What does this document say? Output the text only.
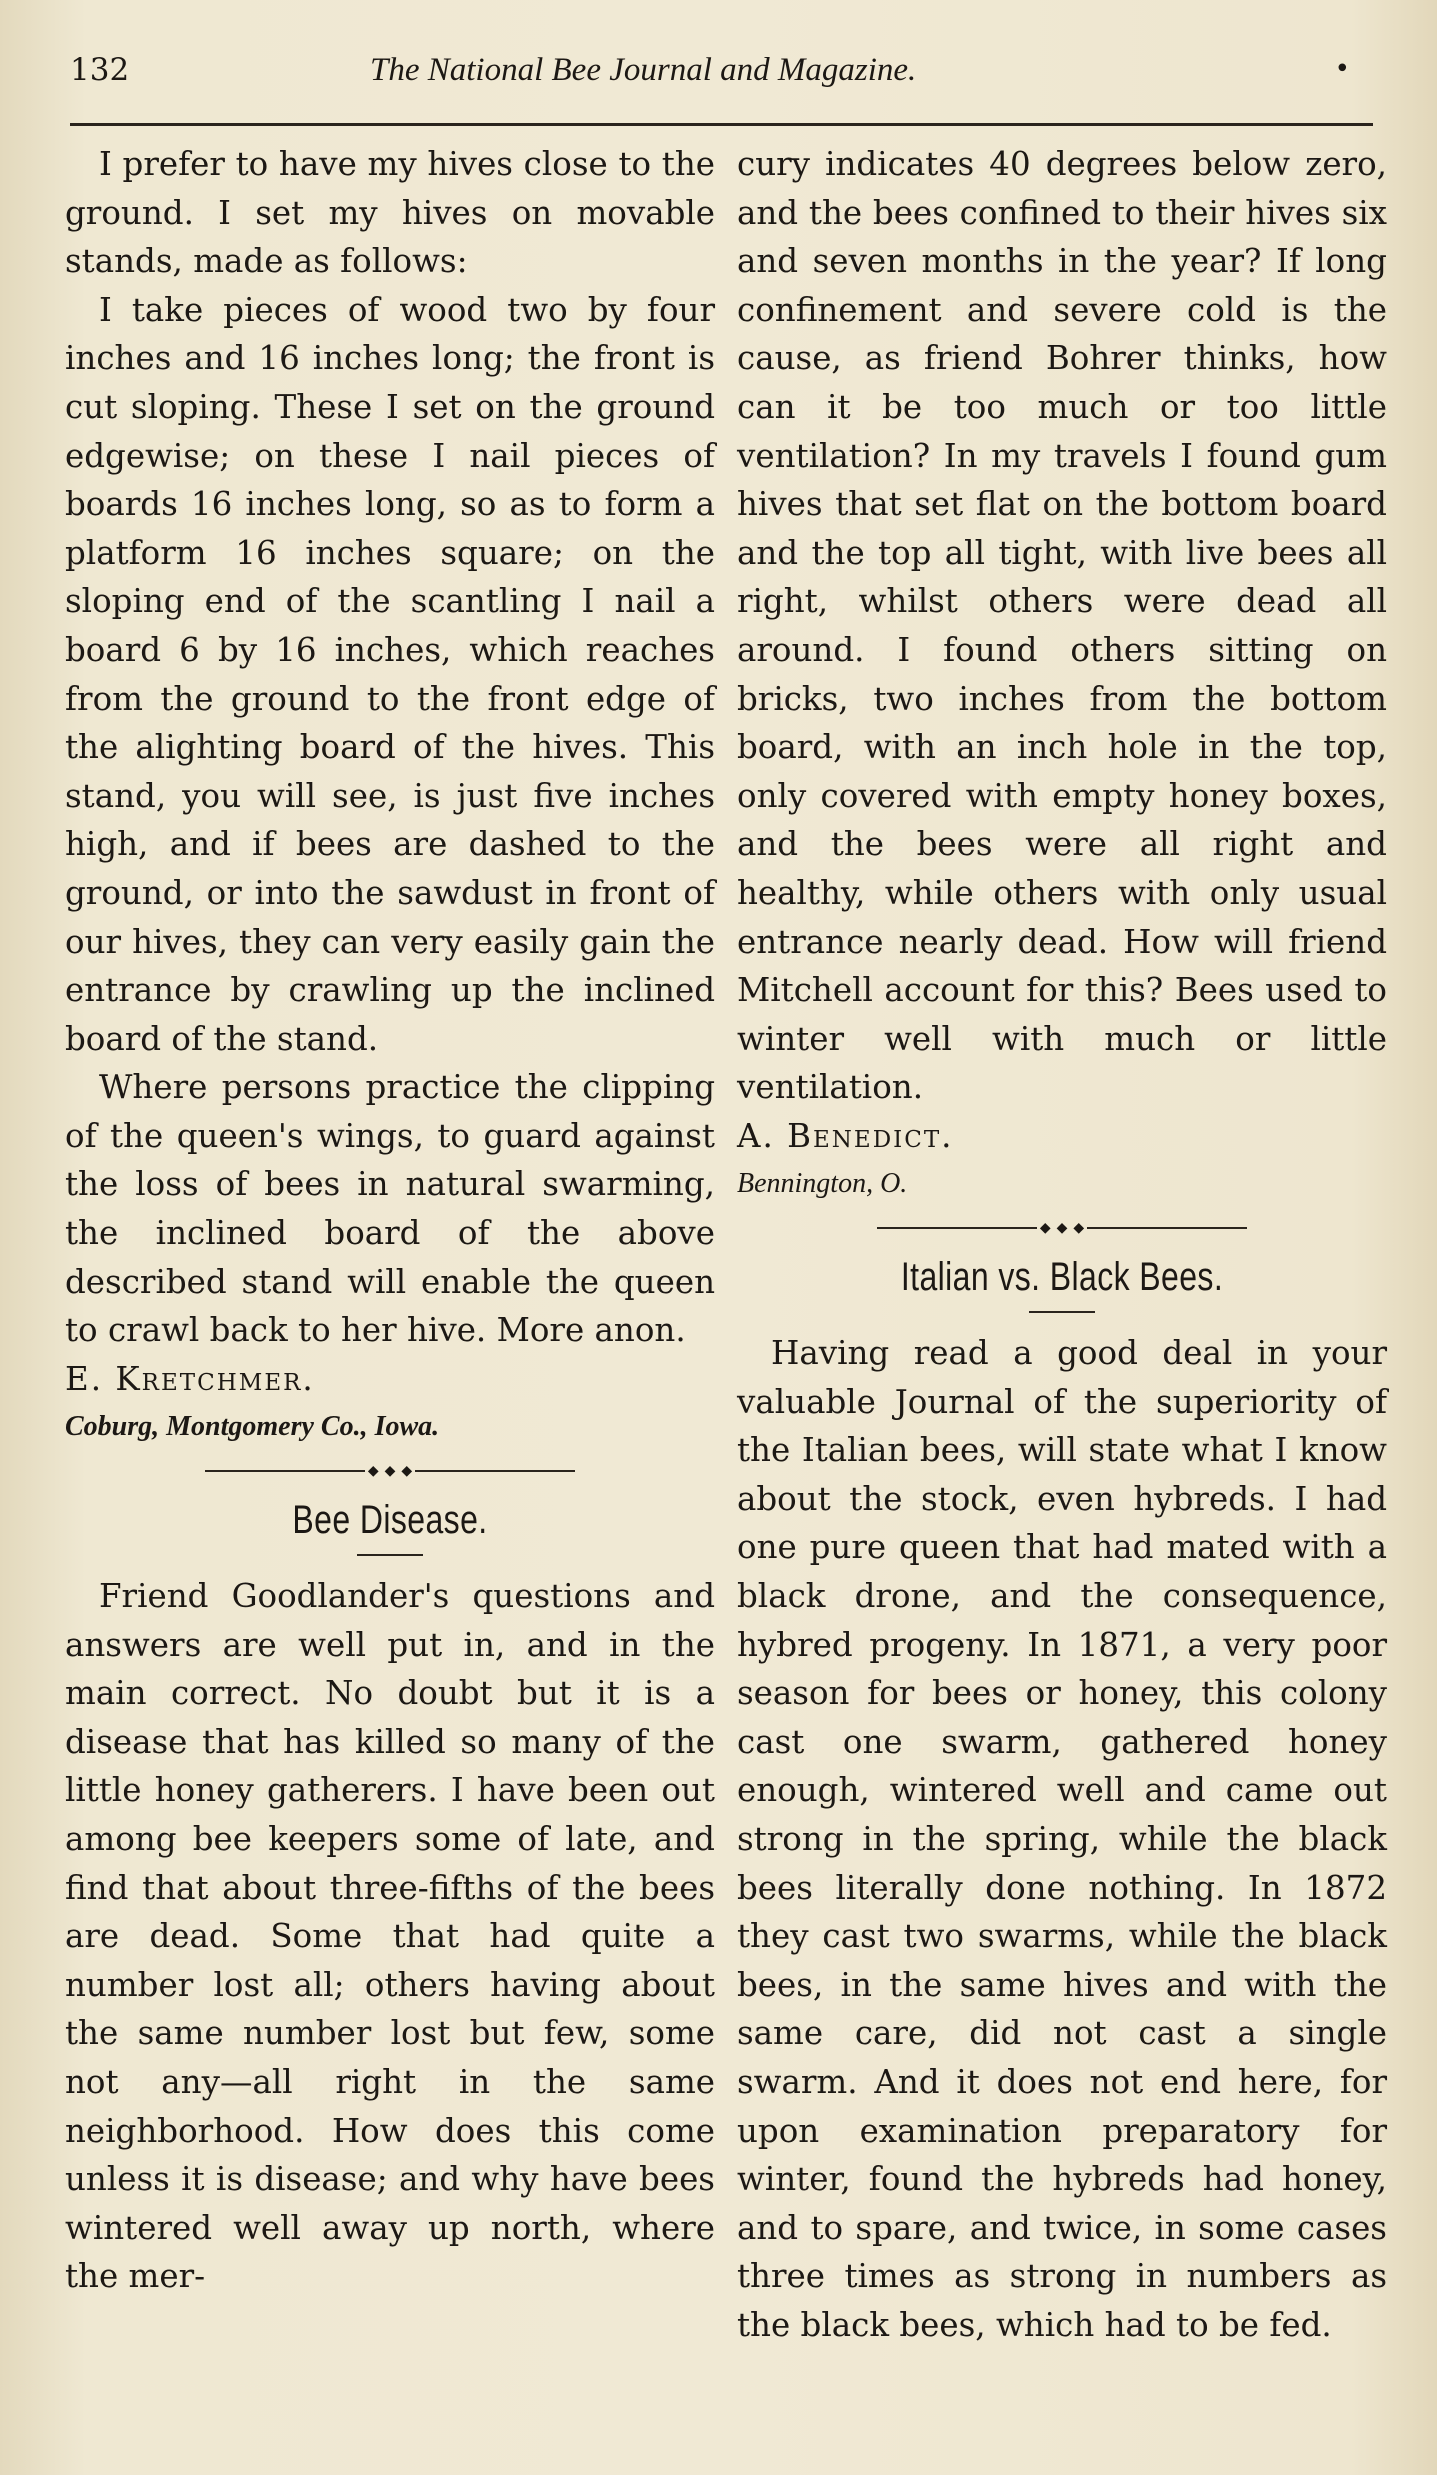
132	The National Bee Journal and Magazine.	•

I prefer to have my hives close to the ground. I set my hives on movable stands, made as follows:

I take pieces of wood two by four inches and 16 inches long; the front is cut sloping. These I set on the ground edgewise; on these I nail pieces of boards 16 inches long, so as to form a platform 16 inches square; on the sloping end of the scantling I nail a board 6 by 16 inches, which reaches from the ground to the front edge of the alighting board of the hives. This stand, you will see, is just five inches high, and if bees are dashed to the ground, or into the sawdust in front of our hives, they can very easily gain the entrance by crawling up the inclined board of the stand.

Where persons practice the clipping of the queen's wings, to guard against the loss of bees in natural swarming, the inclined board of the above described stand will enable the queen to crawl back to her hive. More anon.

E. Kretchmer.

Coburg, Montgomery Co., Iowa.

◆ ◆ ◆
Bee Disease.

Friend Goodlander's questions and answers are well put in, and in the main correct. No doubt but it is a disease that has killed so many of the little honey gatherers. I have been out among bee keepers some of late, and find that about three-fifths of the bees are dead. Some that had quite a number lost all; others having about the same number lost but few, some not any—all right in the same neighborhood. How does this come unless it is disease; and why have bees wintered well away up north, where the mer-

cury indicates 40 degrees below zero, and the bees confined to their hives six and seven months in the year? If long confinement and severe cold is the cause, as friend Bohrer thinks, how can it be too much or too little ventilation? In my travels I found gum hives that set flat on the bottom board and the top all tight, with live bees all right, whilst others were dead all around. I found others sitting on bricks, two inches from the bottom board, with an inch hole in the top, only covered with empty honey boxes, and the bees were all right and healthy, while others with only usual entrance nearly dead. How will friend Mitchell account for this? Bees used to winter well with much or little ventilation.

A. Benedict.

Bennington, O.

◆ ◆ ◆
Italian vs. Black Bees.

Having read a good deal in your valuable Journal of the superiority of the Italian bees, will state what I know about the stock, even hybreds. I had one pure queen that had mated with a black drone, and the consequence, hybred progeny. In 1871, a very poor season for bees or honey, this colony cast one swarm, gathered honey enough, wintered well and came out strong in the spring, while the black bees literally done nothing. In 1872 they cast two swarms, while the black bees, in the same hives and with the same care, did not cast a single swarm. And it does not end here, for upon examination preparatory for winter, found the hybreds had honey, and to spare, and twice, in some cases three times as strong in numbers as the black bees, which had to be fed.
